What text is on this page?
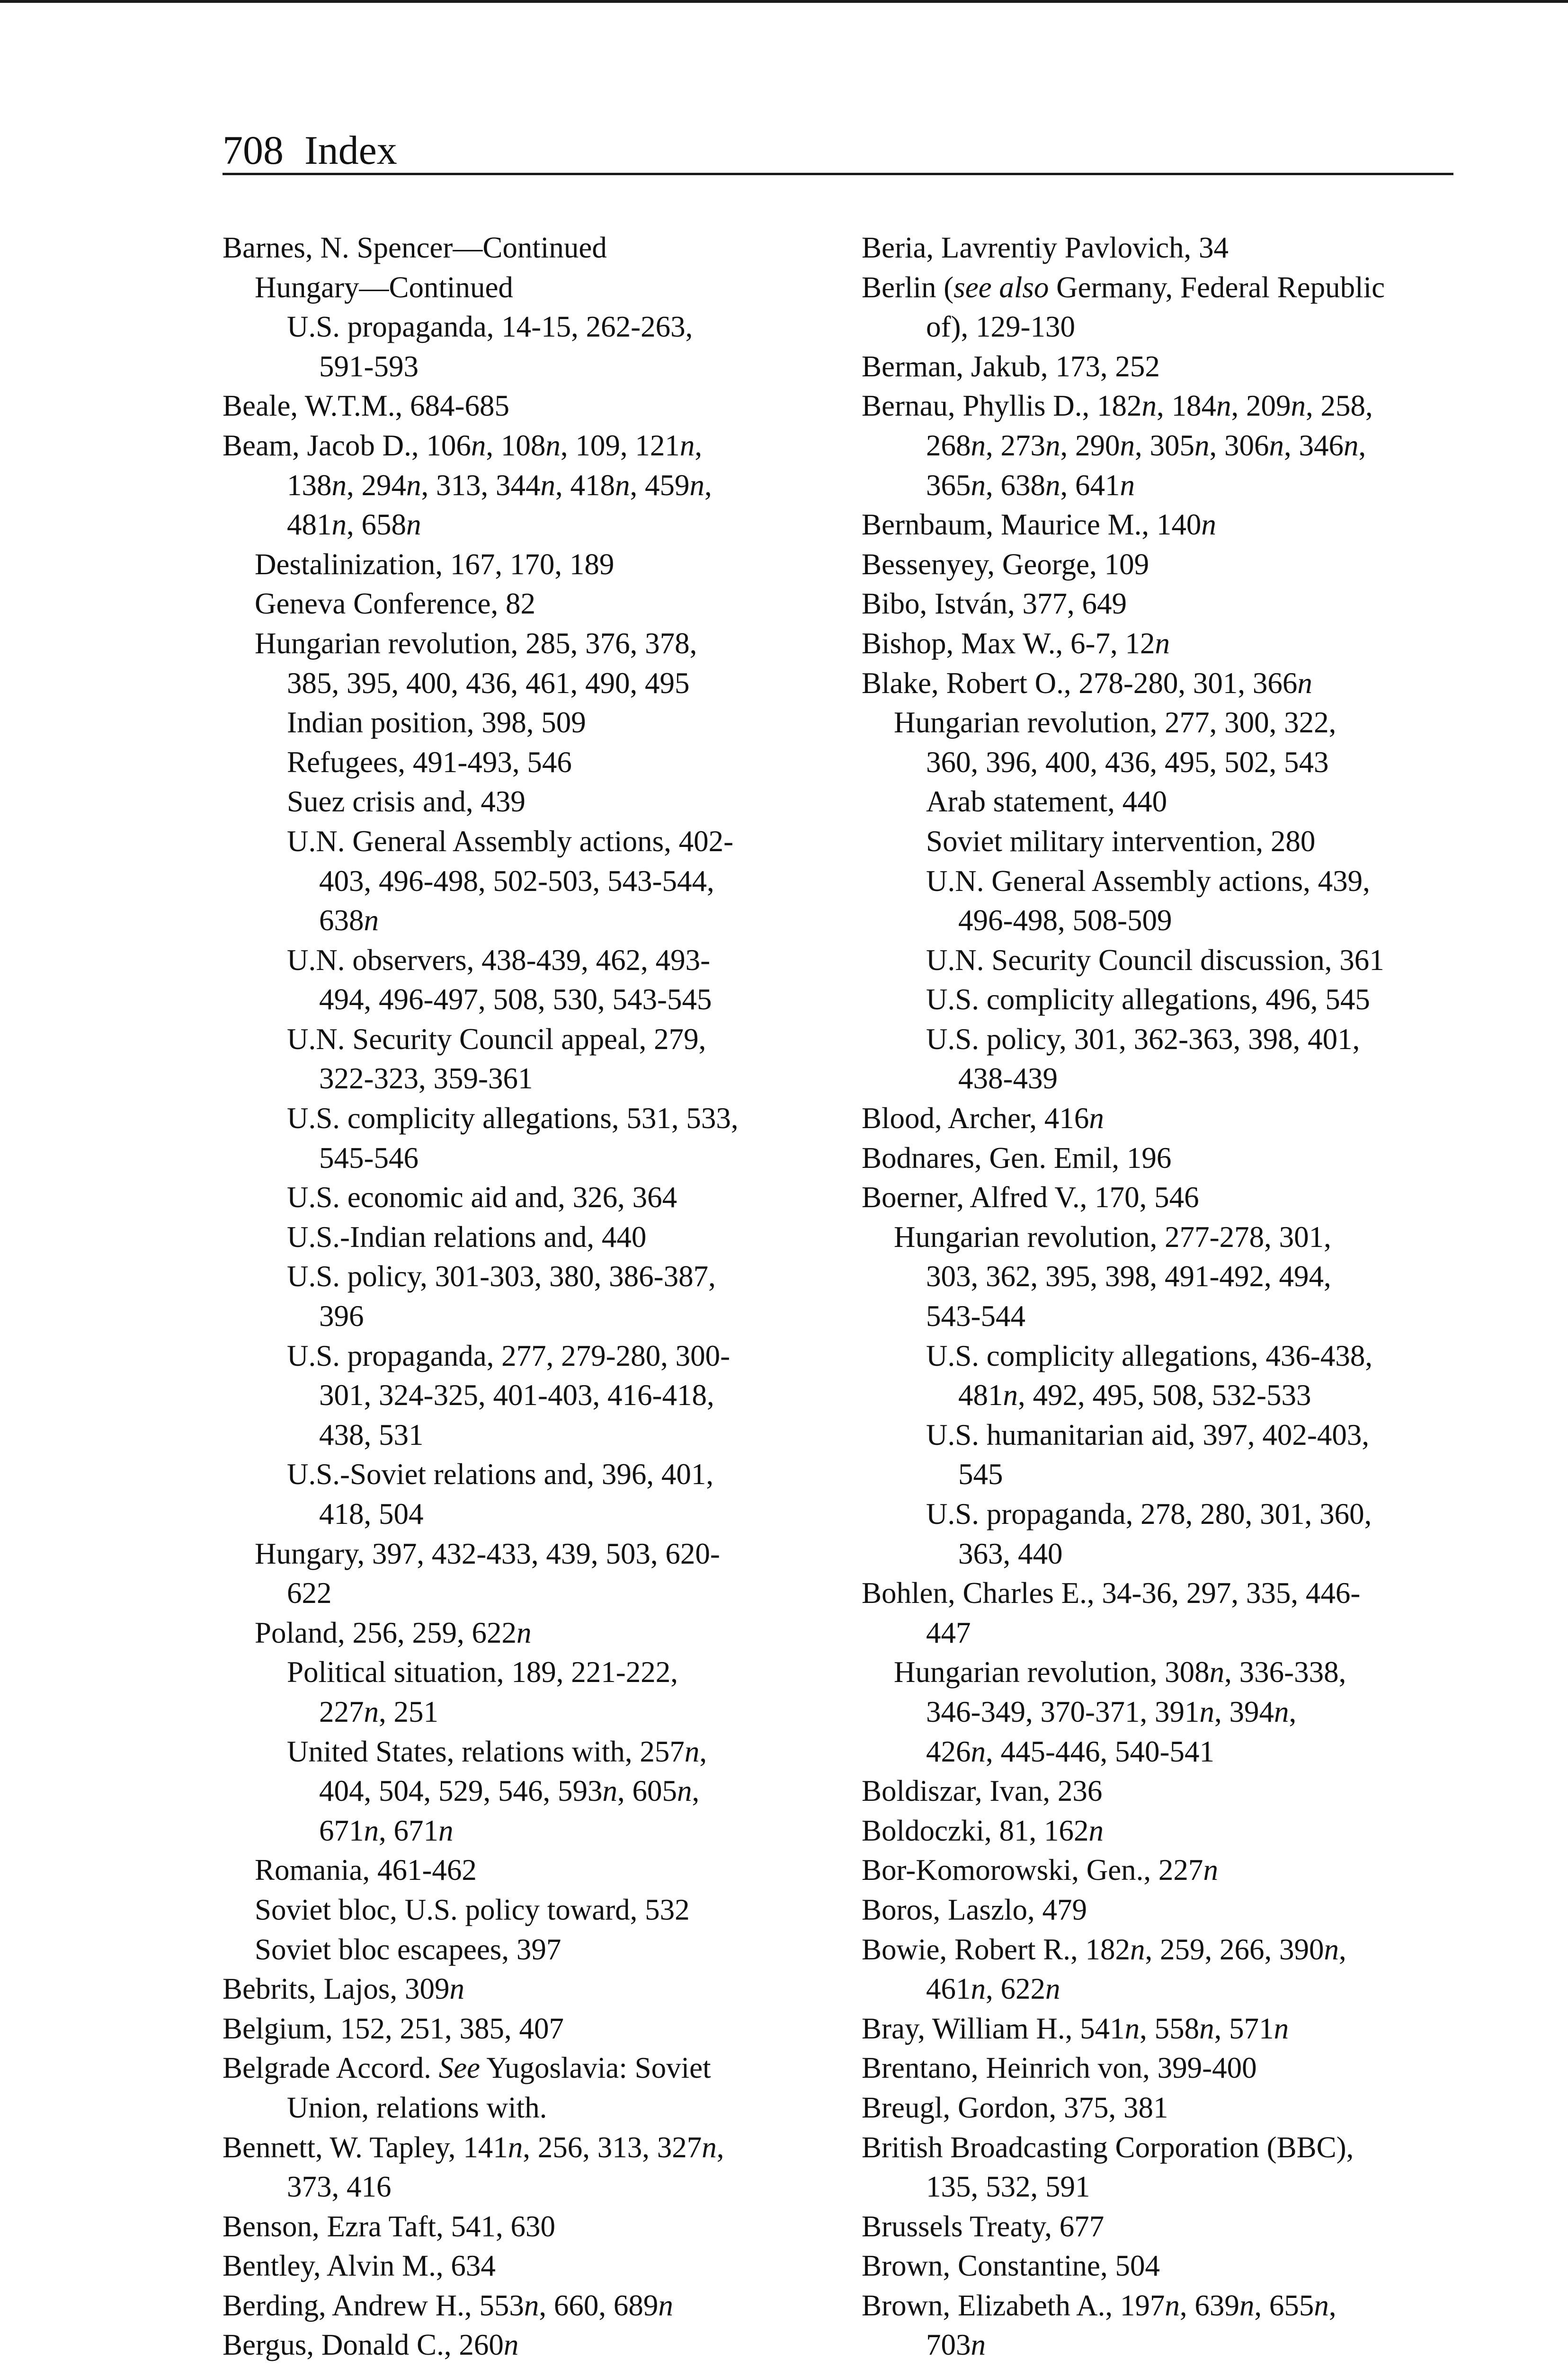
708 Index
Barnes, N. Spencer—Continued
Hungary—Continued
U.S. propaganda, 14-15, 262-263,
591-593
Beale, W.T.M., 684-685
Beam, Jacob D., 106n, 108n, 109, 121n,
138n, 294n, 313, 344n, 418n, 459n,
481n, 658n
Destalinization, 167, 170, 189
Geneva Conference, 82
Hungarian revolution, 285, 376, 378,
385, 395, 400, 436, 461, 490, 495
Indian position, 398, 509
Refugees, 491-493, 546
Suez crisis and, 439
U.N. General Assembly actions, 402-
403, 496-498, 502-503, 543-544,
638n
U.N. observers, 438-439, 462, 493-
494, 496-497, 508, 530, 543-545
U.N. Security Council appeal, 279,
322-323, 359-361
U.S. complicity allegations, 531, 533,
545-546
U.S. economic aid and, 326, 364
U.S.-Indian relations and, 440
U.S. policy, 301-303, 380, 386-387,
396
U.S. propaganda, 277, 279-280, 300-
301, 324-325, 401-403, 416-418,
438, 531
U.S.-Soviet relations and, 396, 401,
418, 504
Hungary, 397, 432-433, 439, 503, 620-
622
Poland, 256, 259, 622n
Political situation, 189, 221-222,
227n, 251
United States, relations with, 257n,
404, 504, 529, 546, 593n, 605n,
671n, 671n
Romania, 461-462
Soviet bloc, U.S. policy toward, 532
Soviet bloc escapees, 397
Bebrits, Lajos, 309n
Belgium, 152, 251, 385, 407
Belgrade Accord. See Yugoslavia: Soviet
Union, relations with.
Bennett, W. Tapley, 141n, 256, 313, 327n,
373, 416
Benson, Ezra Taft, 541, 630
Bentley, Alvin M., 634
Berding, Andrew H., 553n, 660, 689n
Bergus, Donald C., 260n
Beria, Lavrentiy Pavlovich, 34
Berlin (see also Germany, Federal Republic
of), 129-130
Berman, Jakub, 173, 252
Bernau, Phyllis D., 182n, 184n, 209n, 258,
268n, 273n, 290n, 305n, 306n, 346n,
365n, 638n, 641n
Bernbaum, Maurice M., 140n
Bessenyey, George, 109
Bibo, István, 377, 649
Bishop, Max W., 6-7, 12n
Blake, Robert O., 278-280, 301, 366n
Hungarian revolution, 277, 300, 322,
360, 396, 400, 436, 495, 502, 543
Arab statement, 440
Soviet military intervention, 280
U.N. General Assembly actions, 439,
496-498, 508-509
U.N. Security Council discussion, 361
U.S. complicity allegations, 496, 545
U.S. policy, 301, 362-363, 398, 401,
438-439
Blood, Archer, 416n
Bodnares, Gen. Emil, 196
Boerner, Alfred V., 170, 546
Hungarian revolution, 277-278, 301,
303, 362, 395, 398, 491-492, 494,
543-544
U.S. complicity allegations, 436-438,
481n, 492, 495, 508, 532-533
U.S. humanitarian aid, 397, 402-403,
545
U.S. propaganda, 278, 280, 301, 360,
363, 440
Bohlen, Charles E., 34-36, 297, 335, 446-
447
Hungarian revolution, 308n, 336-338,
346-349, 370-371, 391n, 394n,
426n, 445-446, 540-541
Boldiszar, Ivan, 236
Boldoczki, 81, 162n
Bor-Komorowski, Gen., 227n
Boros, Laszlo, 479
Bowie, Robert R., 182n, 259, 266, 390n,
461n, 622n
Bray, William H., 541n, 558n, 571n
Brentano, Heinrich von, 399-400
Breugl, Gordon, 375, 381
British Broadcasting Corporation (BBC),
135, 532, 591
Brussels Treaty, 677
Brown, Constantine, 504
Brown, Elizabeth A., 197n, 639n, 655n,
703n
